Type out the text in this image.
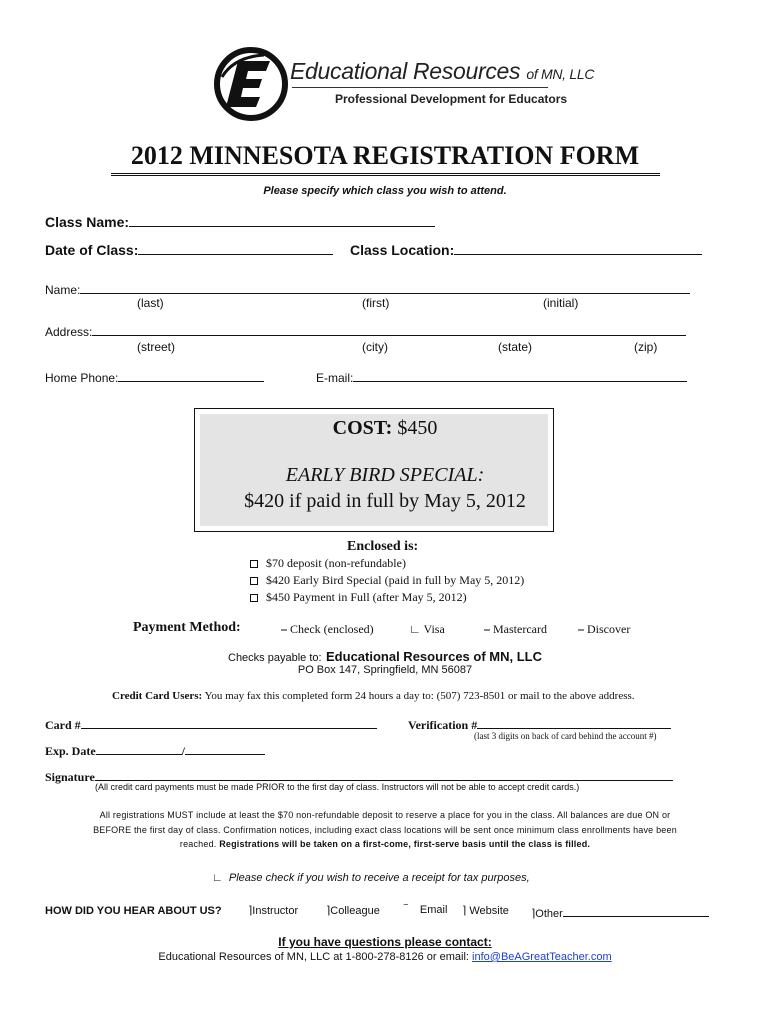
Educational Resources of MN, LLC
Professional Development for Educators
2012 MINNESOTA REGISTRATION FORM
Please specify which class you wish to attend.
Class Name:
Date of Class:	Class Location:
Name:
(last)	(first)	(initial)
Address:
(street)	(city)	(state)	(zip)
Home Phone:	E-mail:
COST: $450
EARLY BIRD SPECIAL:
$420 if paid in full by May 5, 2012
Enclosed is:
$70 deposit (non-refundable)
$420 Early Bird Special (paid in full by May 5, 2012)
$450 Payment in Full (after May 5, 2012)
Payment Method:	⎯ Check (enclosed)	∟ Visa	⎯ Mastercard	⎯ Discover
Checks payable to: Educational Resources of MN, LLC
PO Box 147, Springfield, MN 56087
Credit Card Users: You may fax this completed form 24 hours a day to: (507) 723-8501 or mail to the above address.
Card #	Verification #
(last 3 digits on back of card behind the account #)
Exp. Date	/
Signature
(All credit card payments must be made PRIOR to the first day of class. Instructors will not be able to accept credit cards.)
All registrations MUST include at least the $70 non-refundable deposit to reserve a place for you in the class. All balances are due ON or
BEFORE the first day of class. Confirmation notices, including exact class locations will be sent once minimum class enrollments have been
reached. Registrations will be taken on a first-come, first-serve basis until the class is filled.
∟  Please check if you wish to receive a receipt for tax purposes,
HOW DID YOU HEAR ABOUT US? ⌉Instructor	⌉Colleague ‾    Email ⌉ Website ⌉Other
If you have questions please contact:
Educational Resources of MN, LLC at 1-800-278-8126 or email: info@BeAGreatTeacher.com
